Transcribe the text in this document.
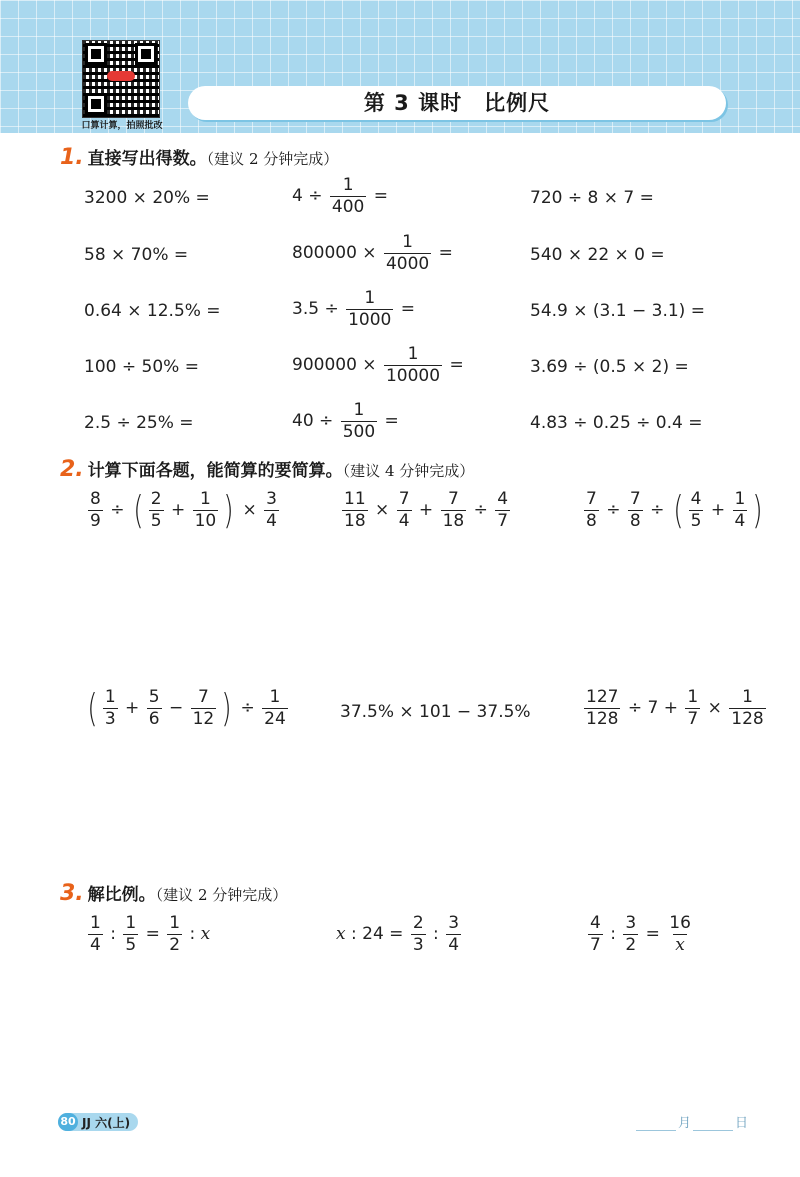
口算计算，拍照批改
第 3 课时　比例尺
1. 直接写出得数。（建议 2 分钟完成）
3200 × 20% =	$4 \div \frac{1}{400}$ =	720 ÷ 8 × 7 =
58 × 70% =	$800000 \times \frac{1}{4000}$ =	540 × 22 × 0 =
0.64 × 12.5% =	$3.5 \div \frac{1}{1000}$ =	54.9 × (3.1 − 3.1) =
100 ÷ 50% =	$900000 \times \frac{1}{10000}$ =	3.69 ÷ (0.5 × 2) =
2.5 ÷ 25% =	$40 \div \frac{1}{500}$ =	4.83 ÷ 0.25 ÷ 0.4 =
2. 计算下面各题，能简算的要简算。（建议 4 分钟完成）
$\frac{8}{9}$ ÷ ( $\frac{2}{5} + \frac{1}{10}$ ) × $\frac{3}{4}$	$\frac{11}{18} \times \frac{7}{4} + \frac{7}{18} \div \frac{4}{7}$	$\frac{7}{8} \div \frac{7}{8}$ ÷ ( $\frac{4}{5} + \frac{1}{4}$ )
( $\frac{1}{3} + \frac{5}{6} - \frac{7}{12}$ ) ÷ $\frac{1}{24}$	37.5% × 101 − 37.5%	$\frac{127}{128} \div 7 + \frac{1}{7} \times \frac{1}{128}$
3. 解比例。（建议 2 分钟完成）
$\frac{1}{4}$ : $\frac{1}{5} = \frac{1}{2}$ : x	x : $24 = \frac{2}{3}$ : $\frac{3}{4}$	$\frac{4}{7}$ : $\frac{3}{2} = \frac{16}{x}$
80 JJ 六(上)	月	日
